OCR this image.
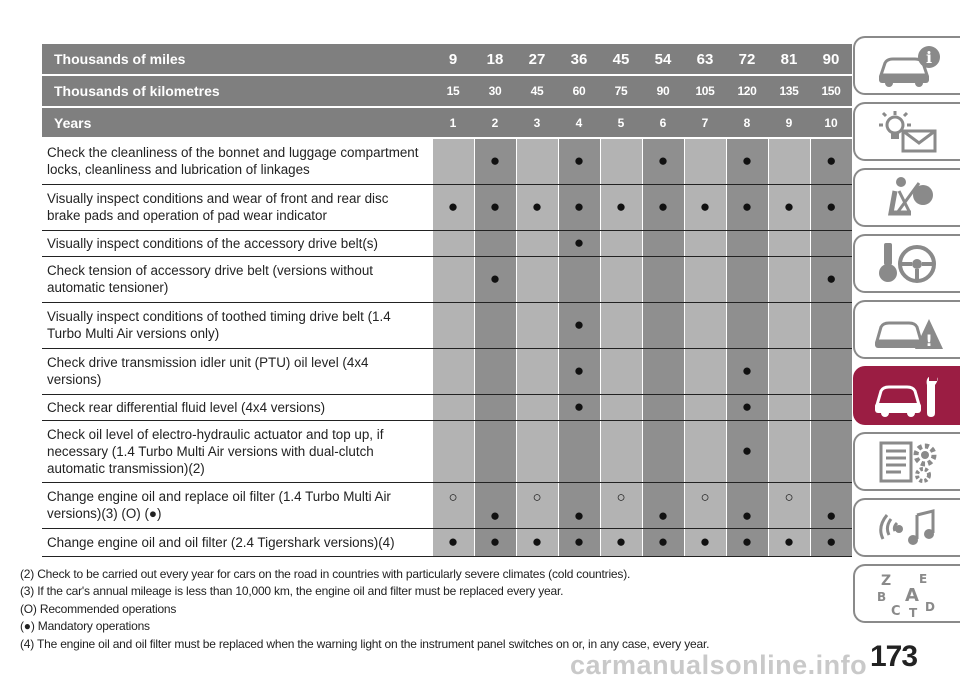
Thousands of miles	9	18	27	36	45	54	63	72	81	90
Thousands of kilometres	15	30	45	60	75	90	105	120	135	150
Years	1	2	3	4	5	6	7	8	9	10
Check the cleanliness of the bonnet and luggage compartment locks, cleanliness and lubrication of linkages		●		●		●		●		●
Visually inspect conditions and wear of front and rear disc brake pads and operation of pad wear indicator	●	●	●	●	●	●	●	●	●	●
Visually inspect conditions of the accessory drive belt(s)				●						
Check tension of accessory drive belt (versions without automatic tensioner)		●								●
Visually inspect conditions of toothed timing drive belt (1.4 Turbo Multi Air versions only)				●						
Check drive transmission idler unit (PTU) oil level (4x4 versions)				●				●		
Check rear differential fluid level (4x4 versions)				●				●		
Check oil level of electro-hydraulic actuator and top up, if necessary (1.4 Turbo Multi Air versions with dual-clutch automatic transmission)(2)								●		
Change engine oil and replace oil filter (1.4 Turbo Multi Air versions)(3) (O) (●)	○	●	○	●	○	●	○	●	○	●

Change engine oil and oil filter (2.4 Tigershark versions)(4)	●	●	●	●	●	●	●	●	●	●
(2) Check to be carried out every year for cars on the road in countries with particularly severe climates (cold countries).
(3) If the car's annual mileage is less than 10,000 km, the engine oil and filter must be replaced every year.
(O) Recommended operations
(●) Mandatory operations
(4) The engine oil and oil filter must be replaced when the warning light on the instrument panel switches on or, in any case, every year.
i
!
Z E
B A
C T D
carmanualsonline.info 173
